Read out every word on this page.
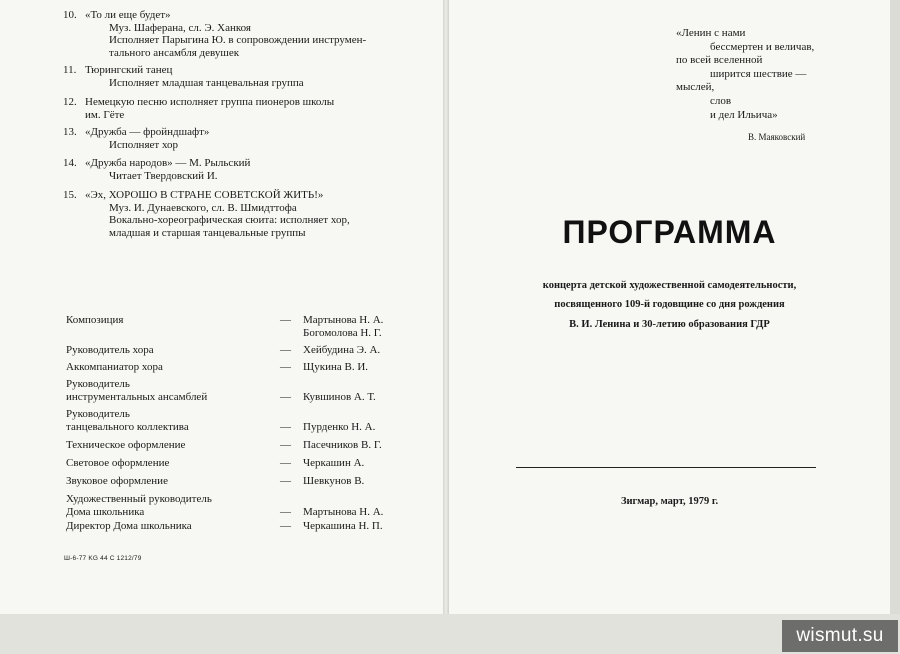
10. «То ли еще будет»
Муз. Шаферана, сл. Э. Ханкоя
Исполняет Парыгина Ю. в сопровождении инструмен-
тального ансамбля девушек
11. Тюрингский танец
Исполняет младшая танцевальная группа
12. Немецкую песню исполняет группа пионеров школы
им. Гёте
13. «Дружба — фройндшафт»
Исполняет хор
14. «Дружба народов» — М. Рыльский
Читает Твердовский И.
15. «Эх, ХОРОШО В СТРАНЕ СОВЕТСКОЙ ЖИТЬ!»
Муз. И. Дунаевского, сл. В. Шмидттофа
Вокально-хореографическая сюита: исполняет хор,
младшая и старшая танцевальные группы
Композиция	— Мартынова Н. А.
Богомолова Н. Г.
Руководитель хора	— Хейбудина Э. А.
Аккомпаниатор хора	— Щукина В. И.
Руководитель
инструментальных ансамблей	— Кувшинов А. Т.
Руководитель
танцевального коллектива	— Пурденко Н. А.
Техническое оформление	— Пасечников В. Г.
Световое оформление	— Черкашин А.
Звуковое оформление	— Шевкунов В.
Художественный руководитель
Дома школьника	— Мартынова Н. А.
Директор Дома школьника	— Черкашина Н. П.
Ш-6-77 KG 44 C 1212/79
«Ленин с нами
бессмертен и величав,
по всей вселенной
ширится шествие —
мыслей,
слов
и дел Ильича»
В. Маяковский
ПРОГРАММА
концерта детской художественной самодеятельности,
посвященного 109-й годовщине со дня рождения
В. И. Ленина и 30-летию образования ГДР
Зигмар, март, 1979 г.
wismut.su
